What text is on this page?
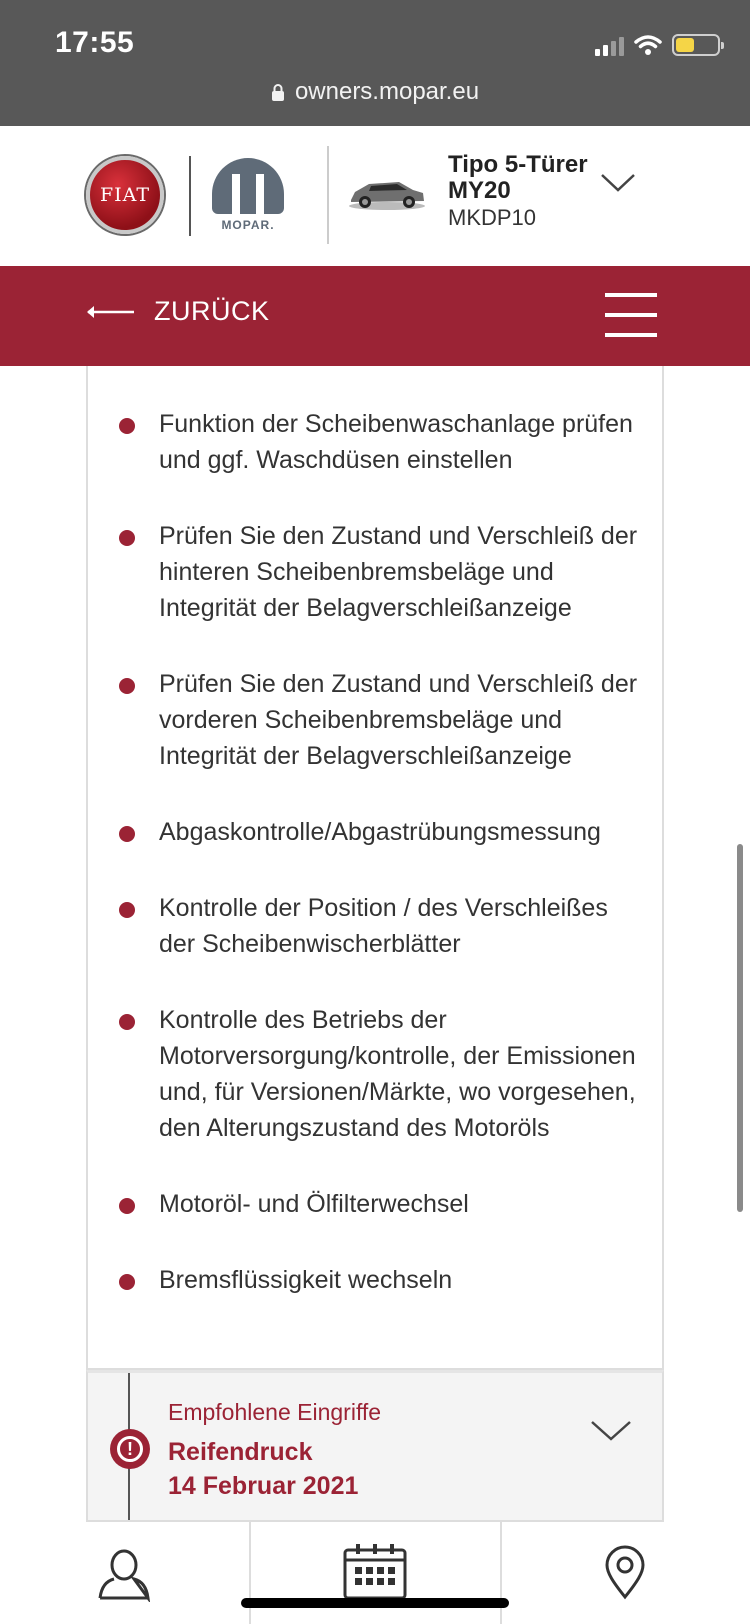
17:55
owners.mopar.eu
FIAT
MOPAR.
Tipo 5-Türer MY20
MKDP10
ZURÜCK
Funktion der Scheibenwaschanlage prüfen und ggf. Waschdüsen einstellen
Prüfen Sie den Zustand und Verschleiß der hinteren Scheibenbremsbeläge und Integrität der Belagverschleißanzeige
Prüfen Sie den Zustand und Verschleiß der vorderen Scheibenbremsbeläge und Integrität der Belagverschleißanzeige
Abgaskontrolle/Abgastrübungsmessung
Kontrolle der Position / des Verschleißes der Scheibenwischerblätter
Kontrolle des Betriebs der Motorversorgung/kontrolle, der Emissionen und, für Versionen/Märkte, wo vorgesehen, den Alterungszustand des Motoröls
Motoröl- und Ölfilterwechsel
Bremsflüssigkeit wechseln
!
Empfohlene Eingriffe
Reifendruck
14 Februar 2021
